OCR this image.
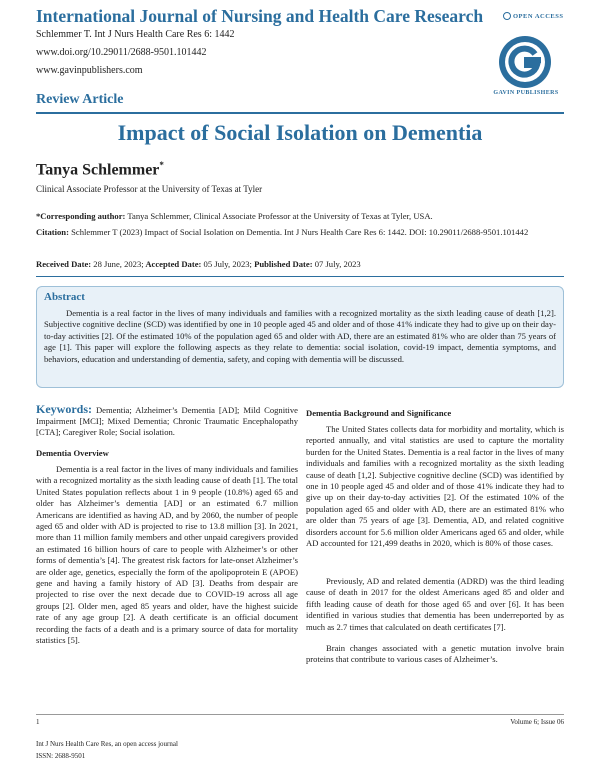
International Journal of Nursing and Health Care Research
Schlemmer T. Int J Nurs Health Care Res 6: 1442
www.doi.org/10.29011/2688-9501.101442
www.gavinpublishers.com
OPEN ACCESS
GAVIN PUBLISHERS
Review Article
Impact of Social Isolation on Dementia
Tanya Schlemmer*
Clinical Associate Professor at the University of Texas at Tyler
*Corresponding author: Tanya Schlemmer, Clinical Associate Professor at the University of Texas at Tyler, USA.
Citation: Schlemmer T (2023) Impact of Social Isolation on Dementia. Int J Nurs Health Care Res 6: 1442. DOI: 10.29011/2688-9501.101442
Received Date: 28 June, 2023; Accepted Date: 05 July, 2023; Published Date: 07 July, 2023
Abstract
Dementia is a real factor in the lives of many individuals and families with a recognized mortality as the sixth leading cause of death [1,2]. Subjective cognitive decline (SCD) was identified by one in 10 people aged 45 and older and of those 41% indicate they had to give up on their day-to-day activities [2]. Of the estimated 10% of the population aged 65 and older with AD, there are an estimated 81% who are older than 75 years of age [1]. This paper will explore the following aspects as they relate to dementia: social isolation, covid-19 impact, dementia symptoms, and behaviors, education and understanding of dementia, safety, and coping with dementia will be discussed.
Keywords: Dementia; Alzheimer’s Dementia [AD]; Mild Cognitive Impairment [MCI]; Mixed Dementia; Chronic Traumatic Encephalopathy [CTA]; Caregiver Role; Social isolation.
Dementia Overview

Dementia is a real factor in the lives of many individuals and families with a recognized mortality as the sixth leading cause of death [1]. The total United States population reflects about 1 in 9 people (10.8%) aged 65 and older has Alzheimer’s dementia [AD] or an estimated 6.7 million Americans are identified as having AD, and by 2060, the number of people aged 65 and older with AD is projected to rise to 13.8 million [3]. In 2021, more than 11 million family members and other unpaid caregivers provided an estimated 16 billion hours of care to people with Alzheimer’s or other forms of dementia’s [4]. The greatest risk factors for late-onset Alzheimer’s are older age, genetics, especially the form of the apolipoprotein E (APOE) gene and having a family history of AD [3]. Deaths from despair are projected to rise over the next decade due to COVID-19 across all age groups [2]. Older men, aged 85 years and older, have the highest suicide rate of any age group [2]. A death certificate is an official document recording the facts of a death and is a primary source of data for mortality statistics [5].

Dementia Background and Significance

The United States collects data for morbidity and mortality, which is reported annually, and vital statistics are used to capture the mortality burden for the United States. Dementia is a real factor in the lives of many individuals and families with a recognized mortality as the sixth leading cause of death [1,2]. Subjective cognitive decline (SCD) was identified by one in 10 people aged 45 and older and of those 41% indicate they had to give up on their day-to-day activities [2]. Of the estimated 10% of the population aged 65 and older with AD, there are an estimated 81% who are older than 75 years of age [3]. Dementia, AD, and related cognitive disorders account for 5.6 million older Americans aged 65 and older, while AD accounted for 121,499 deaths in 2020, which is 80% of those cases.

Previously, AD and related dementia (ADRD) was the third leading cause of death in 2017 for the oldest Americans aged 85 and older and fifth leading cause of death for those aged 65 and over [6]. It has been identified in various studies that dementia has been underreported by as much as 2.7 times that calculated on death certificates [7].

Brain changes associated with a genetic mutation involve brain proteins that contribute to various cases of Alzheimer’s.

1	Volume 6; Issue 06
Int J Nurs Health Care Res, an open access journal
ISSN: 2688-9501
